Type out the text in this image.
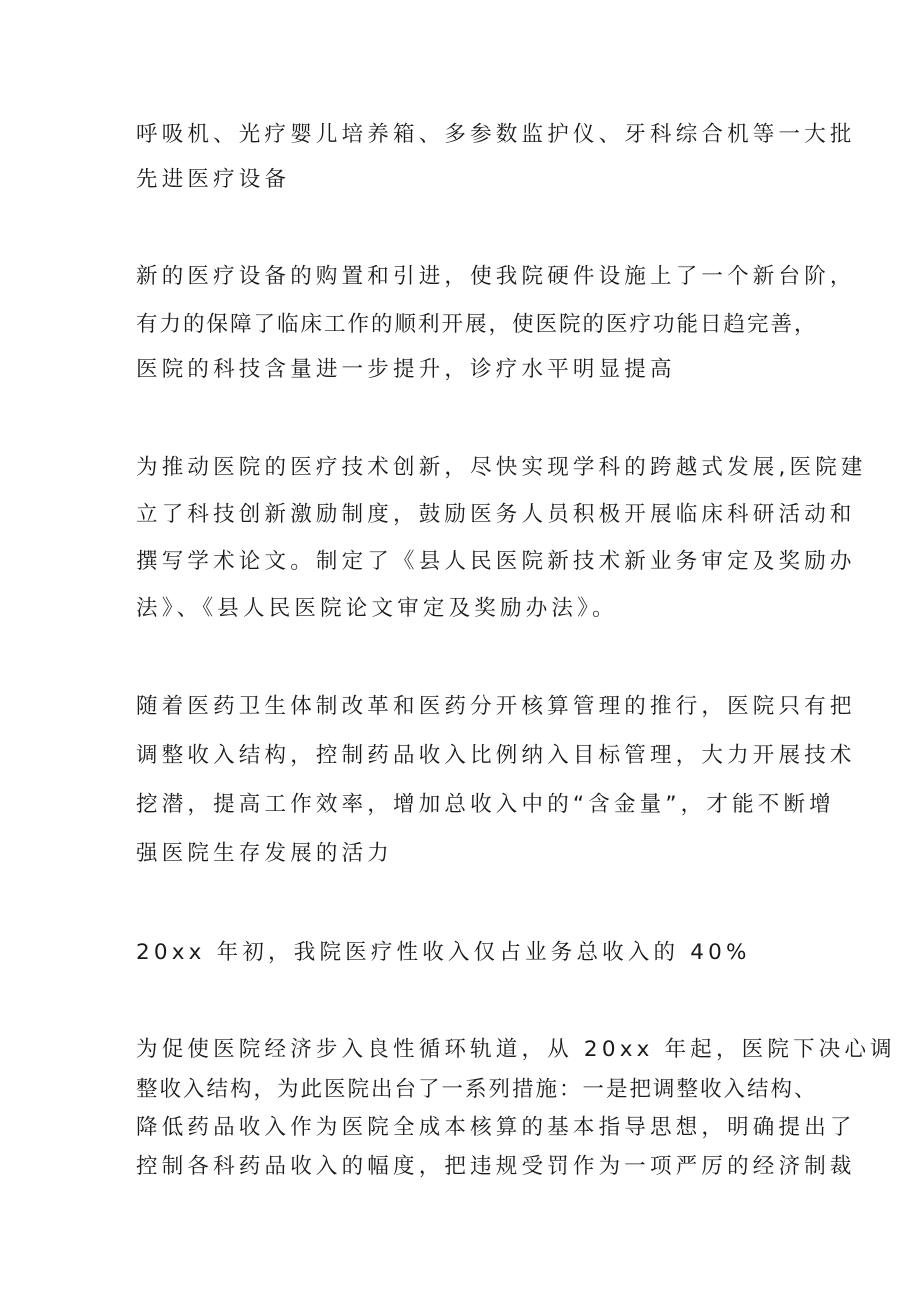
呼吸机、光疗婴儿培养箱、多参数监护仪、牙科综合机等一大批

先进医疗设备

新的医疗设备的购置和引进，使我院硬件设施上了一个新台阶，

有力的保障了临床工作的顺利开展，使医院的医疗功能日趋完善，

医院的科技含量进一步提升，诊疗水平明显提高

为推动医院的医疗技术创新，尽快实现学科的跨越式发展,医院建

立了科技创新激励制度，鼓励医务人员积极开展临床科研活动和

撰写学术论文。制定了《县人民医院新技术新业务审定及奖励办

法》、《县人民医院论文审定及奖励办法》。

随着医药卫生体制改革和医药分开核算管理的推行，医院只有把

调整收入结构，控制药品收入比例纳入目标管理，大力开展技术

挖潜，提高工作效率，增加总收入中的“含金量”，才能不断增

强医院生存发展的活力

20xx 年初，我院医疗性收入仅占业务总收入的 40%

为促使医院经济步入良性循环轨道，从 20xx 年起，医院下决心调

整收入结构，为此医院出台了一系列措施：一是把调整收入结构、

降低药品收入作为医院全成本核算的基本指导思想，明确提出了

控制各科药品收入的幅度，把违规受罚作为一项严厉的经济制裁
